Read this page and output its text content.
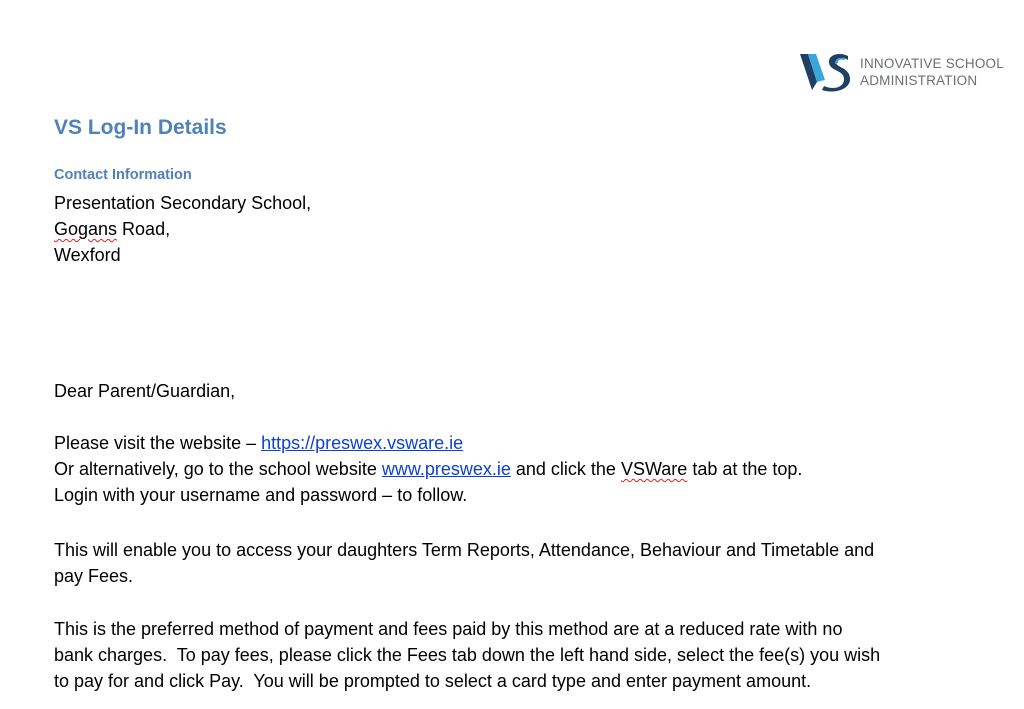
INNOVATIVE SCHOOL
ADMINISTRATION
VS Log-In Details
Contact Information
Presentation Secondary School,
Gogans Road,
Wexford
Dear Parent/Guardian,
Please visit the website – https://preswex.vsware.ie
Or alternatively, go to the school website www.preswex.ie and click the VSWare tab at the top.
Login with your username and password – to follow.
This will enable you to access your daughters Term Reports, Attendance, Behaviour and Timetable and
pay Fees.
This is the preferred method of payment and fees paid by this method are at a reduced rate with no
bank charges.  To pay fees, please click the Fees tab down the left hand side, select the fee(s) you wish
to pay for and click Pay.  You will be prompted to select a card type and enter payment amount.
